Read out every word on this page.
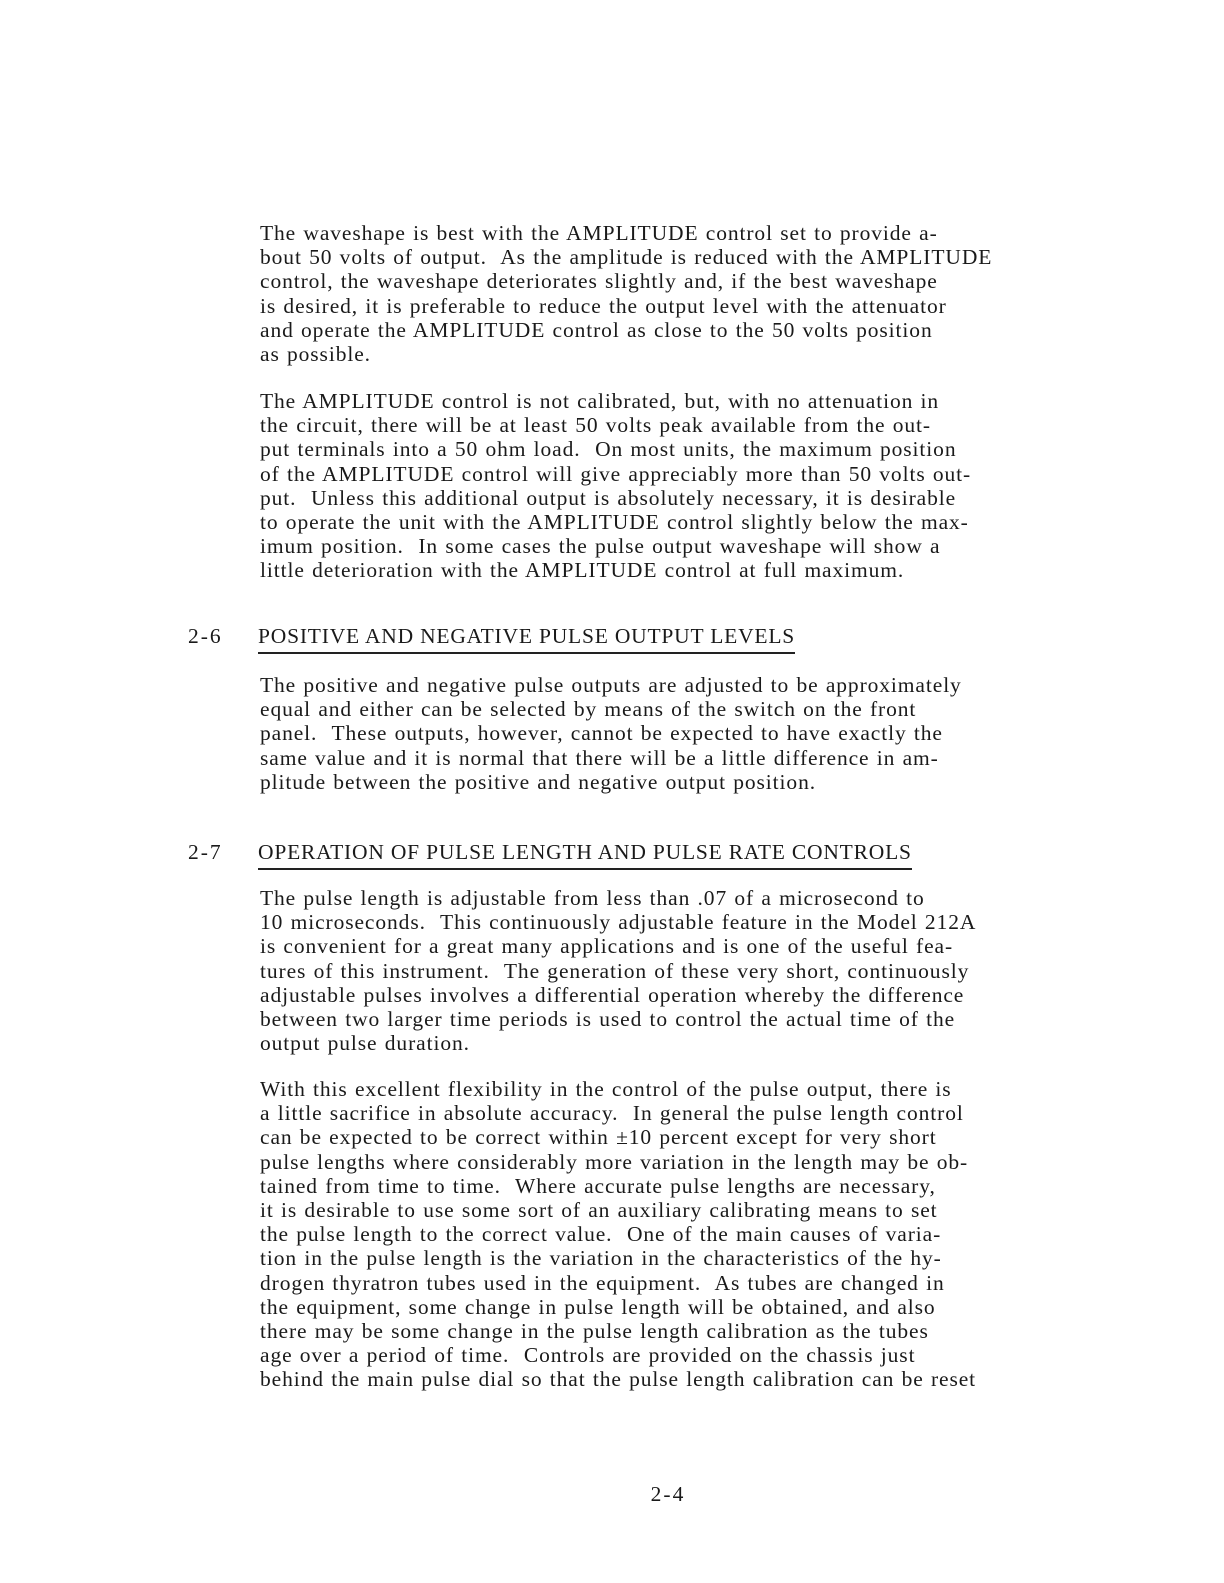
The waveshape is best with the AMPLITUDE control set to provide a-
bout 50 volts of output.  As the amplitude is reduced with the AMPLITUDE
control, the waveshape deteriorates slightly and, if the best waveshape
is desired, it is preferable to reduce the output level with the attenuator
and operate the AMPLITUDE control as close to the 50 volts position
as possible.
The AMPLITUDE control is not calibrated, but, with no attenuation in
the circuit, there will be at least 50 volts peak available from the out-
put terminals into a 50 ohm load.  On most units, the maximum position
of the AMPLITUDE control will give appreciably more than 50 volts out-
put.  Unless this additional output is absolutely necessary, it is desirable
to operate the unit with the AMPLITUDE control slightly below the max-
imum position.  In some cases the pulse output waveshape will show a
little deterioration with the AMPLITUDE control at full maximum.
2-6 POSITIVE AND NEGATIVE PULSE OUTPUT LEVELS
The positive and negative pulse outputs are adjusted to be approximately
equal and either can be selected by means of the switch on the front
panel.  These outputs, however, cannot be expected to have exactly the
same value and it is normal that there will be a little difference in am-
plitude between the positive and negative output position.
2-7 OPERATION OF PULSE LENGTH AND PULSE RATE CONTROLS
The pulse length is adjustable from less than .07 of a microsecond to
10 microseconds.  This continuously adjustable feature in the Model 212A
is convenient for a great many applications and is one of the useful fea-
tures of this instrument.  The generation of these very short, continuously
adjustable pulses involves a differential operation whereby the difference
between two larger time periods is used to control the actual time of the
output pulse duration.
With this excellent flexibility in the control of the pulse output, there is
a little sacrifice in absolute accuracy.  In general the pulse length control
can be expected to be correct within ±10 percent except for very short
pulse lengths where considerably more variation in the length may be ob-
tained from time to time.  Where accurate pulse lengths are necessary,
it is desirable to use some sort of an auxiliary calibrating means to set
the pulse length to the correct value.  One of the main causes of varia-
tion in the pulse length is the variation in the characteristics of the hy-
drogen thyratron tubes used in the equipment.  As tubes are changed in
the equipment, some change in pulse length will be obtained, and also
there may be some change in the pulse length calibration as the tubes
age over a period of time.  Controls are provided on the chassis just
behind the main pulse dial so that the pulse length calibration can be reset
2-4
